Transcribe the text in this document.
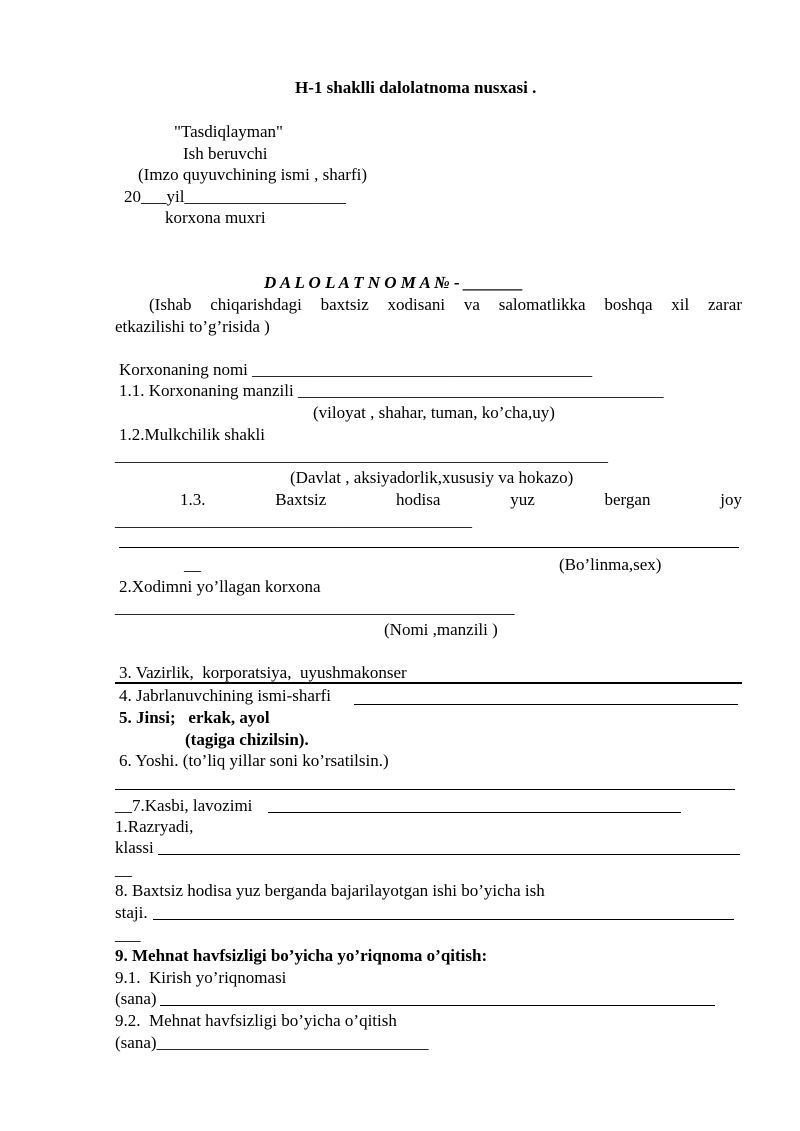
H-1 shaklli dalolatnoma nusxasi .
"Tasdiqlayman"
Ish beruvchi
(Imzo quyuvchining ismi , sharfi)
20___yil___________________
korxona muxri
D A L O L A T N O M A № - _______
(Ishab chiqarishdagi baxtsiz xodisani va salomatlikka boshqa xil zarar
etkazilishi to’g’risida )
Korxonaning nomi ________________________________________
1.1. Korxonaning manzili ___________________________________________
(viloyat , shahar, tuman, ko’cha,uy)
1.2.Mulkchilik shakli
__________________________________________________________
(Davlat , aksiyadorlik,xususiy va hokazo)
1.3.	Baxtsiz	hodisa	yuz	bergan	joy
__________________________________________
__	(Bo’linma,sex)
2.Xodimni yo’llagan korxona
_______________________________________________
(Nomi ,manzili )
3. Vazirlik,  korporatsiya,  uyushmakonser
4. Jabrlanuvchining ismi-sharfi
5. Jinsi;   erkak, ayol
(tagiga chizilsin).
6. Yoshi. (to’liq yillar soni ko’rsatilsin.)
__7.Kasbi, lavozimi
1.Razryadi,
klassi
__
8. Baxtsiz hodisa yuz berganda bajarilayotgan ishi bo’yicha ish
staji.
___
9. Mehnat havfsizligi bo’yicha yo’riqnoma o’qitish:
9.1.  Kirish yo’riqnomasi
(sana)
9.2.  Mehnat havfsizligi bo’yicha o’qitish
(sana)________________________________
